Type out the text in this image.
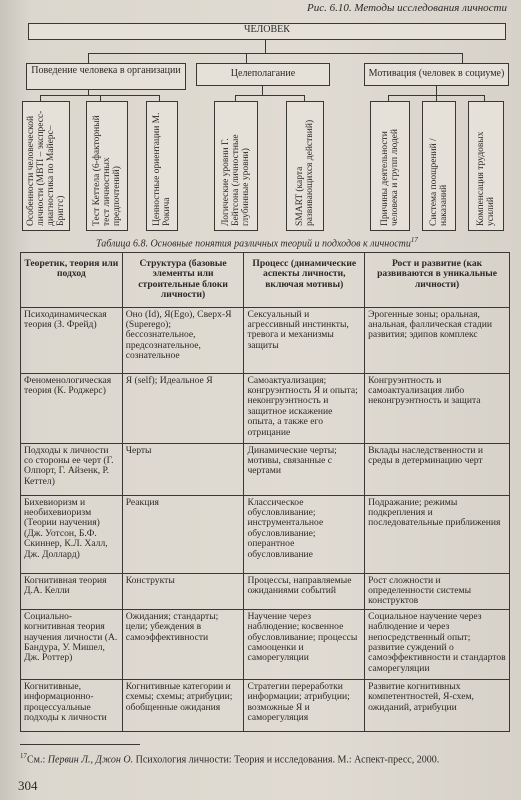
Рис. 6.10. Методы исследования личности
ЧЕЛОВЕК
Поведение человека в организации	Целеполагание	Мотивация (человек в социуме)
Особенности человеческой личности (МВТІ – экспресс-диагностика по Майерс–Бриггс)	Тест Кеттела (6-факторный тест личностных предпочтений)	Ценностные ориентации М. Рокича	Логические уровни Г. Бейтсона (личностные глубинные уровни)	SMART (карта развивающихся действий)	Причины деятельности человека и групп людей	Система поощрений / наказаний	Компенсация трудовых усилий
Таблица 6.8. Основные понятия различных теорий и подходов к личности$^{17}$
Теоретик, теория или подход	Структура (базовые элементы или строительные блоки личности)	Процесс (динамические аспекты личности, включая мотивы)	Рост и развитие (как развиваются в уникальные личности)
Психодинамическая теория (З. Фрейд)	Оно (Id), Я(Ego), Сверх-Я (Superego); бессознательное, предсознательное, сознательное	Сексуальный и агрессивный инстинкты, тревога и механизмы защиты	Эрогенные зоны; оральная, анальная, фаллическая стадии развития; эдипов комплекс
Феноменологическая теория (К. Роджерс)	Я (self); Идеальное Я	Самоактуализация; конгруэнтность Я и опыта; неконгруэнтность и защитное искажение опыта, а также его отрицание	Конгруэнтность и самоактуализация либо неконгруэнтность и защита
Подходы к личности со стороны ее черт (Г. Олпорт, Г. Айзенк, Р. Кеттел)	Черты	Динамические черты; мотивы, связанные с чертами	Вклады наследственности и среды в детерминацию черт
Бихевиоризм и необихевиоризм (Теории научения) (Дж. Уотсон, Б.Ф. Скиннер, К.Л. Халл, Дж. Доллард)	Реакция	Классическое обусловливание; инструментальное обусловливание; оперантное обусловливание	Подражание; режимы подкрепления и последовательные приближения
Когнитивная теория Д.А. Келли	Конструкты	Процессы, направляемые ожиданиями событий	Рост сложности и определенности системы конструктов
Социально-когнитивная теория научения личности (А. Бандура, У. Мишел, Дж. Роттер)	Ожидания; стандарты; цели; убеждения в самоэффективности	Научение через наблюдение; косвенное обусловливание; процессы самооценки и саморегуляции	Социальное научение через наблюдение и через непосредственный опыт; развитие суждений о самоэффективности и стандартов саморегуляции
Когнитивные, информационно-процессуальные подходы к личности	Когнитивные категории и схемы; схемы; атрибуции; обобщенные ожидания	Стратегии переработки информации; атрибуции; возможные Я и саморегуляция	Развитие когнитивных компетентностей, Я-схем, ожиданий, атрибуции
$^{17}$См.: Первин Л., Джон О. Психология личности: Теория и исследования. М.: Аспект-пресс, 2000.
304
